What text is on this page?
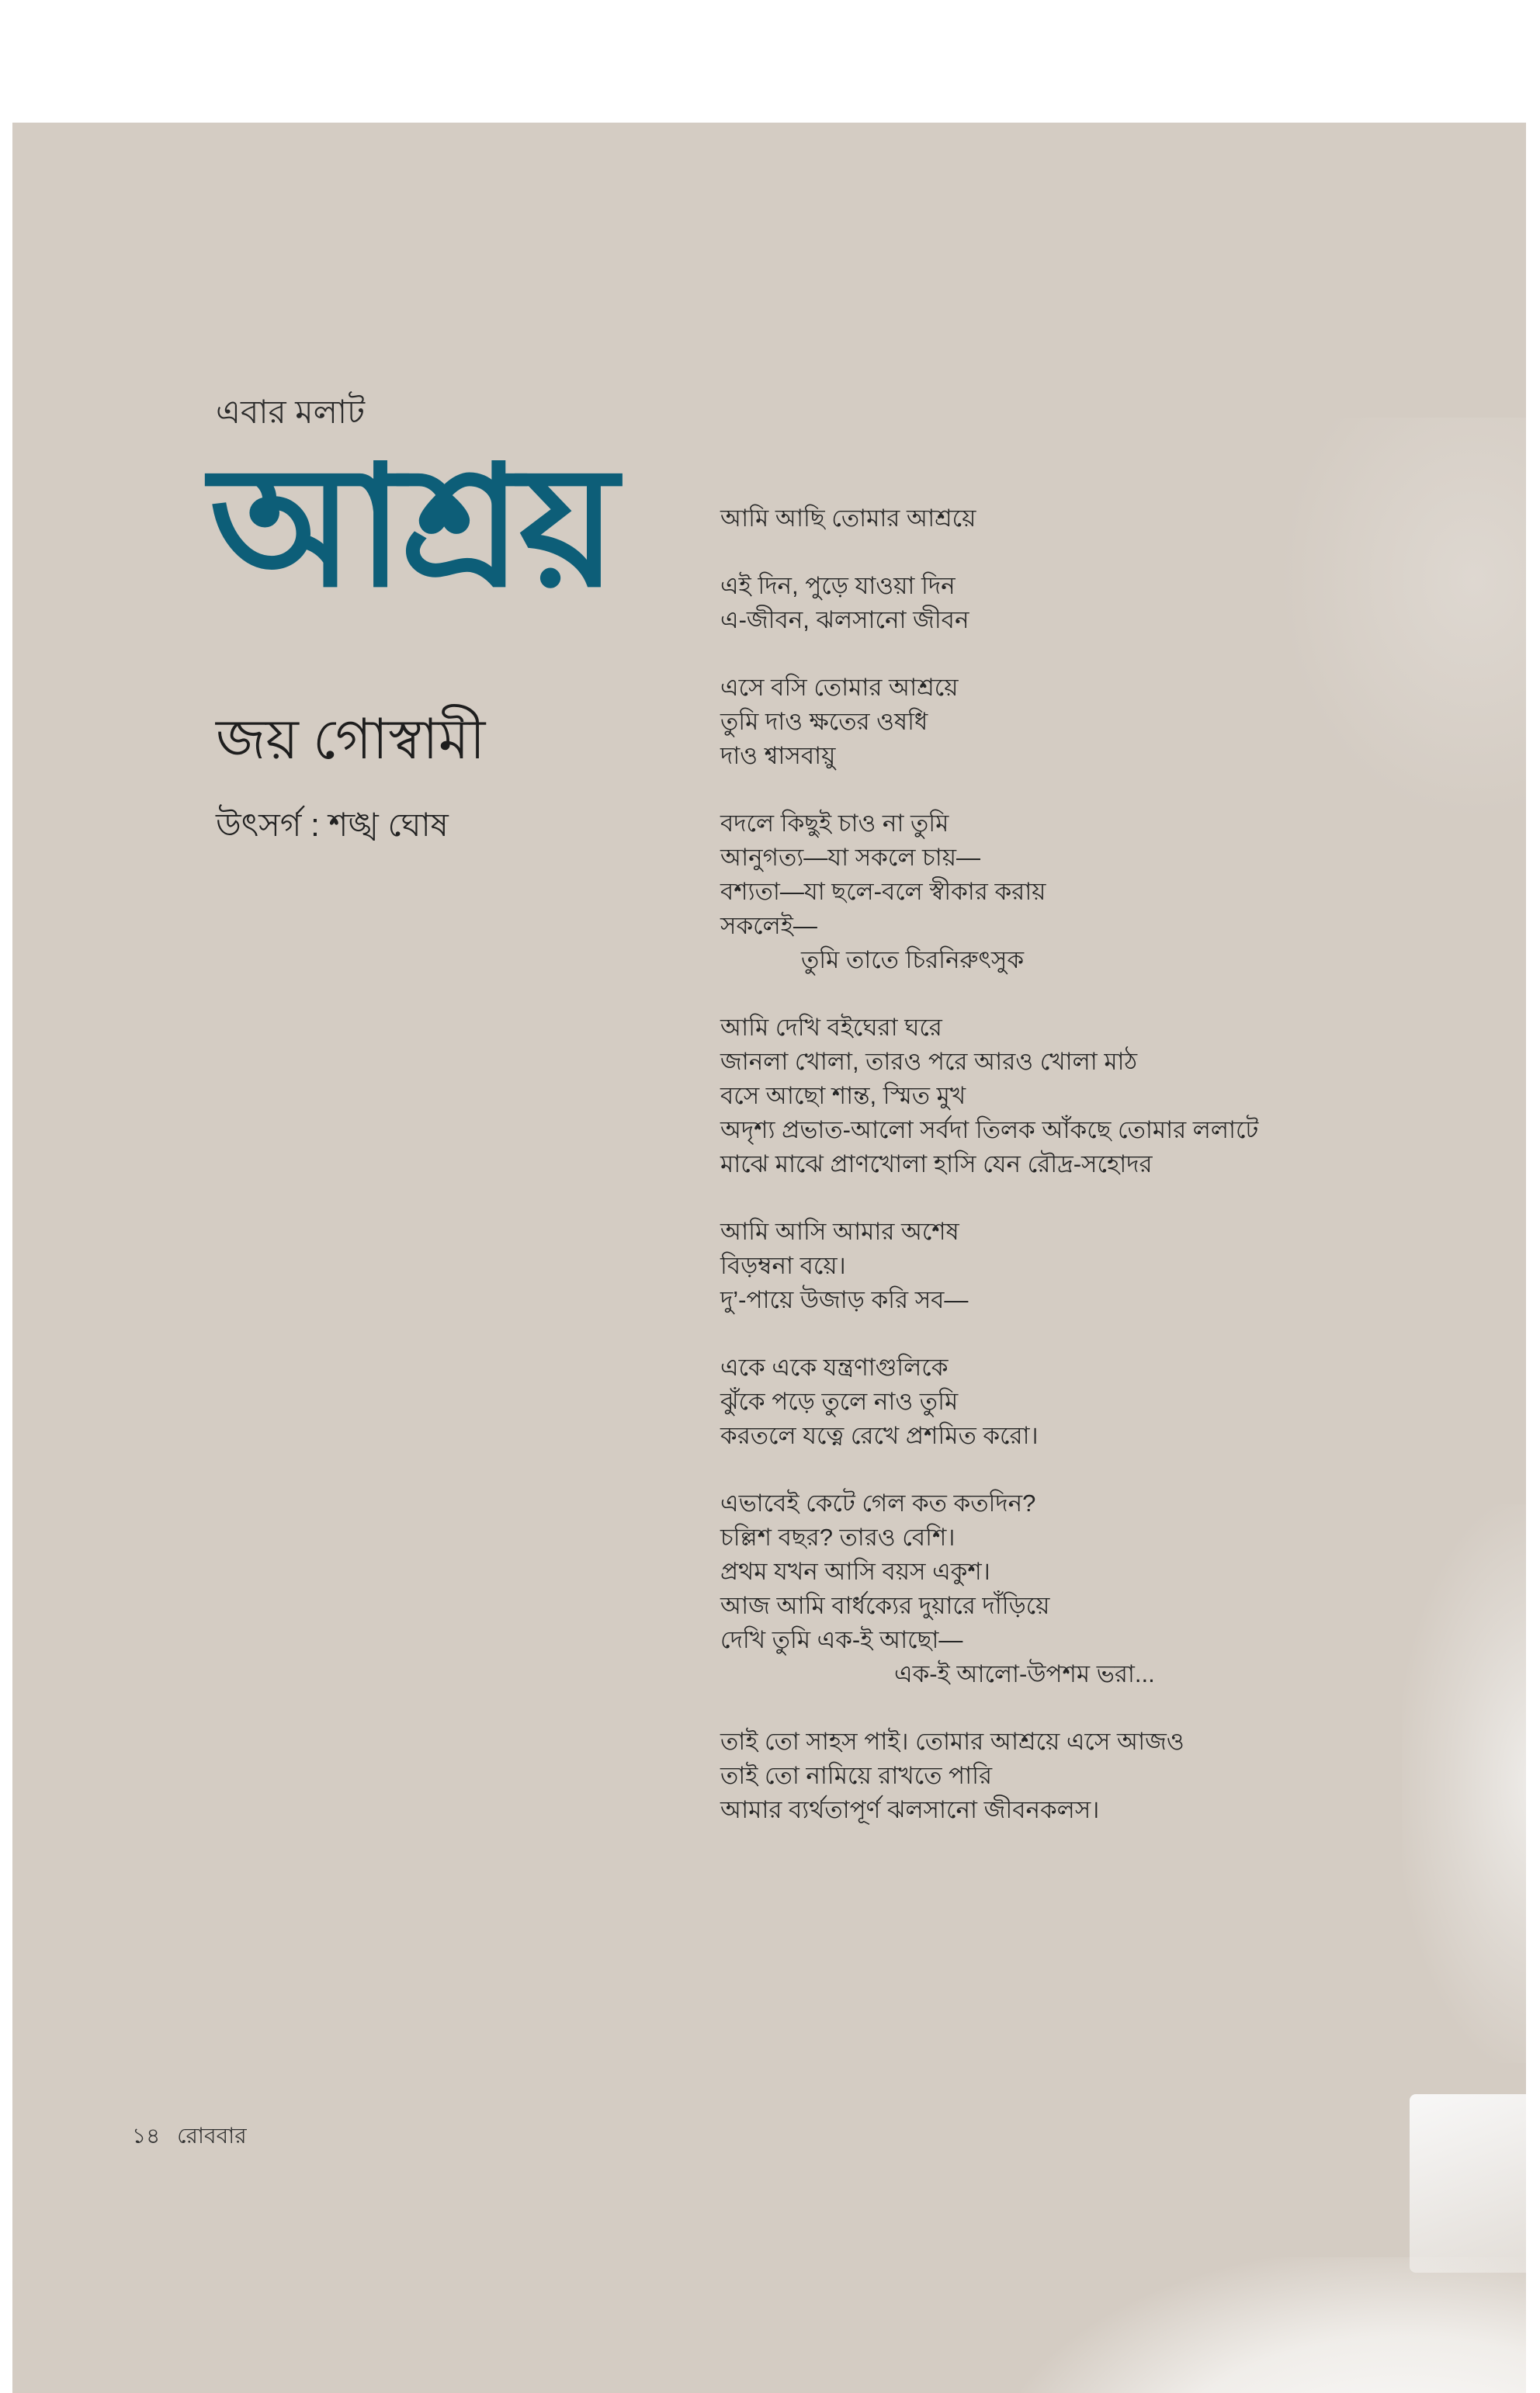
এবার মলাট
আশ্রয়
জয় গোস্বামী
উৎসর্গ : শঙ্খ ঘোষ
আমি আছি তোমার আশ্রয়ে
এই দিন, পুড়ে যাওয়া দিন
এ-জীবন, ঝলসানো জীবন
এসে বসি তোমার আশ্রয়ে
তুমি দাও ক্ষতের ওষধি
দাও শ্বাসবায়ু
বদলে কিছুই চাও না তুমি
আনুগত্য—যা সকলে চায়—
বশ্যতা—যা ছলে-বলে স্বীকার করায়
সকলেই—
তুমি তাতে চিরনিরুৎসুক
আমি দেখি বইঘেরা ঘরে
জানলা খোলা, তারও পরে আরও খোলা মাঠ
বসে আছো শান্ত, স্মিত মুখ
অদৃশ্য প্রভাত-আলো সর্বদা তিলক আঁকছে তোমার ললাটে
মাঝে মাঝে প্রাণখোলা হাসি যেন রৌদ্র-সহোদর
আমি আসি আমার অশেষ
বিড়ম্বনা বয়ে।
দু’-পায়ে উজাড় করি সব—
একে একে যন্ত্রণাগুলিকে
ঝুঁকে পড়ে তুলে নাও তুমি
করতলে যত্নে রেখে প্রশমিত করো।
এভাবেই কেটে গেল কত কতদিন?
চল্লিশ বছর? তারও বেশি।
প্রথম যখন আসি বয়স একুশ।
আজ আমি বার্ধক্যের দুয়ারে দাঁড়িয়ে
দেখি তুমি এক-ই আছো—
এক-ই আলো-উপশম ভরা...
তাই তো সাহস পাই। তোমার আশ্রয়ে এসে আজও
তাই তো নামিয়ে রাখতে পারি
আমার ব্যর্থতাপূর্ণ ঝলসানো জীবনকলস।
১৪ রোববার
